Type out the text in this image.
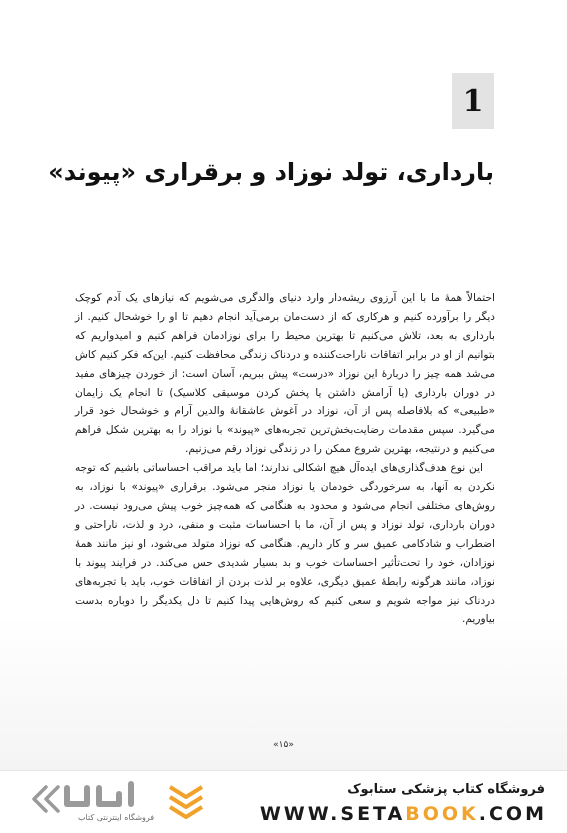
1
بارداری، تولد نوزاد و برقراری «پیوند»

احتمالاً همهٔ ما با این آرزوی ریشه‌دار وارد دنیای والدگری می‌شویم که نیازهای یک آدم کوچک دیگر را برآورده کنیم و هرکاری که از دست‌مان برمی‌آید انجام دهیم تا او را خوشحال کنیم. از بارداری به بعد، تلاش می‌کنیم تا بهترین محیط را برای نوزادمان فراهم کنیم و امیدواریم که بتوانیم از او در برابر اتفاقات ناراحت‌کننده و دردناک زندگی محافظت کنیم. این‌که فکر کنیم کاش می‌شد همه چیز را دربارهٔ این نوزاد «درست» پیش ببریم، آسان است: از خوردن چیزهای مفید در دوران بارداری (یا آرامش داشتن یا پخش کردن موسیقی کلاسیک) تا انجام یک زایمان «طبیعی» که بلافاصله پس از آن، نوزاد در آغوش عاشقانهٔ والدین آرام و خوشحال خود قرار می‌گیرد. سپس مقدمات رضایت‌بخش‌ترین تجربه‌های «پیوند» با نوزاد را به بهترین شکل فراهم می‌کنیم و درنتیجه، بهترین شروع ممکن را در زندگی نوزاد رقم می‌زنیم.

این نوع هدف‌گذاری‌های ایده‌آل هیچ اشکالی ندارند؛ اما باید مراقب احساساتی باشیم که توجه نکردن به آنها، به سرخوردگی خودمان یا نوزاد منجر می‌شود. برقراری «پیوند» با نوزاد، به روش‌های مختلفی انجام می‌شود و محدود به هنگامی که همه‌چیز خوب پیش می‌رود نیست. در دوران بارداری، تولد نوزاد و پس از آن، ما با احساسات مثبت و منفی، درد و لذت، ناراحتی و اضطراب و شادکامی عمیق سر و کار داریم. هنگامی که نوزاد متولد می‌شود، او نیز مانند همهٔ نوزادان، خود را تحت‌تأثیر احساسات خوب و بد بسیار شدیدی حس می‌کند. در فرایند پیوند با نوزاد، مانند هرگونه رابطهٔ عمیق دیگری، علاوه بر لذت بردن از اتفاقات خوب، باید با تجربه‌های دردناک نیز مواجه شویم و سعی کنیم که روش‌هایی پیدا کنیم تا دل یکدیگر را دوباره بدست بیاوریم.

«۱۵»
فروشگاه اینترنتی کتاب
فروشگاه کتاب پزشکی ستابوک
WWW.SETABOOK.COM
